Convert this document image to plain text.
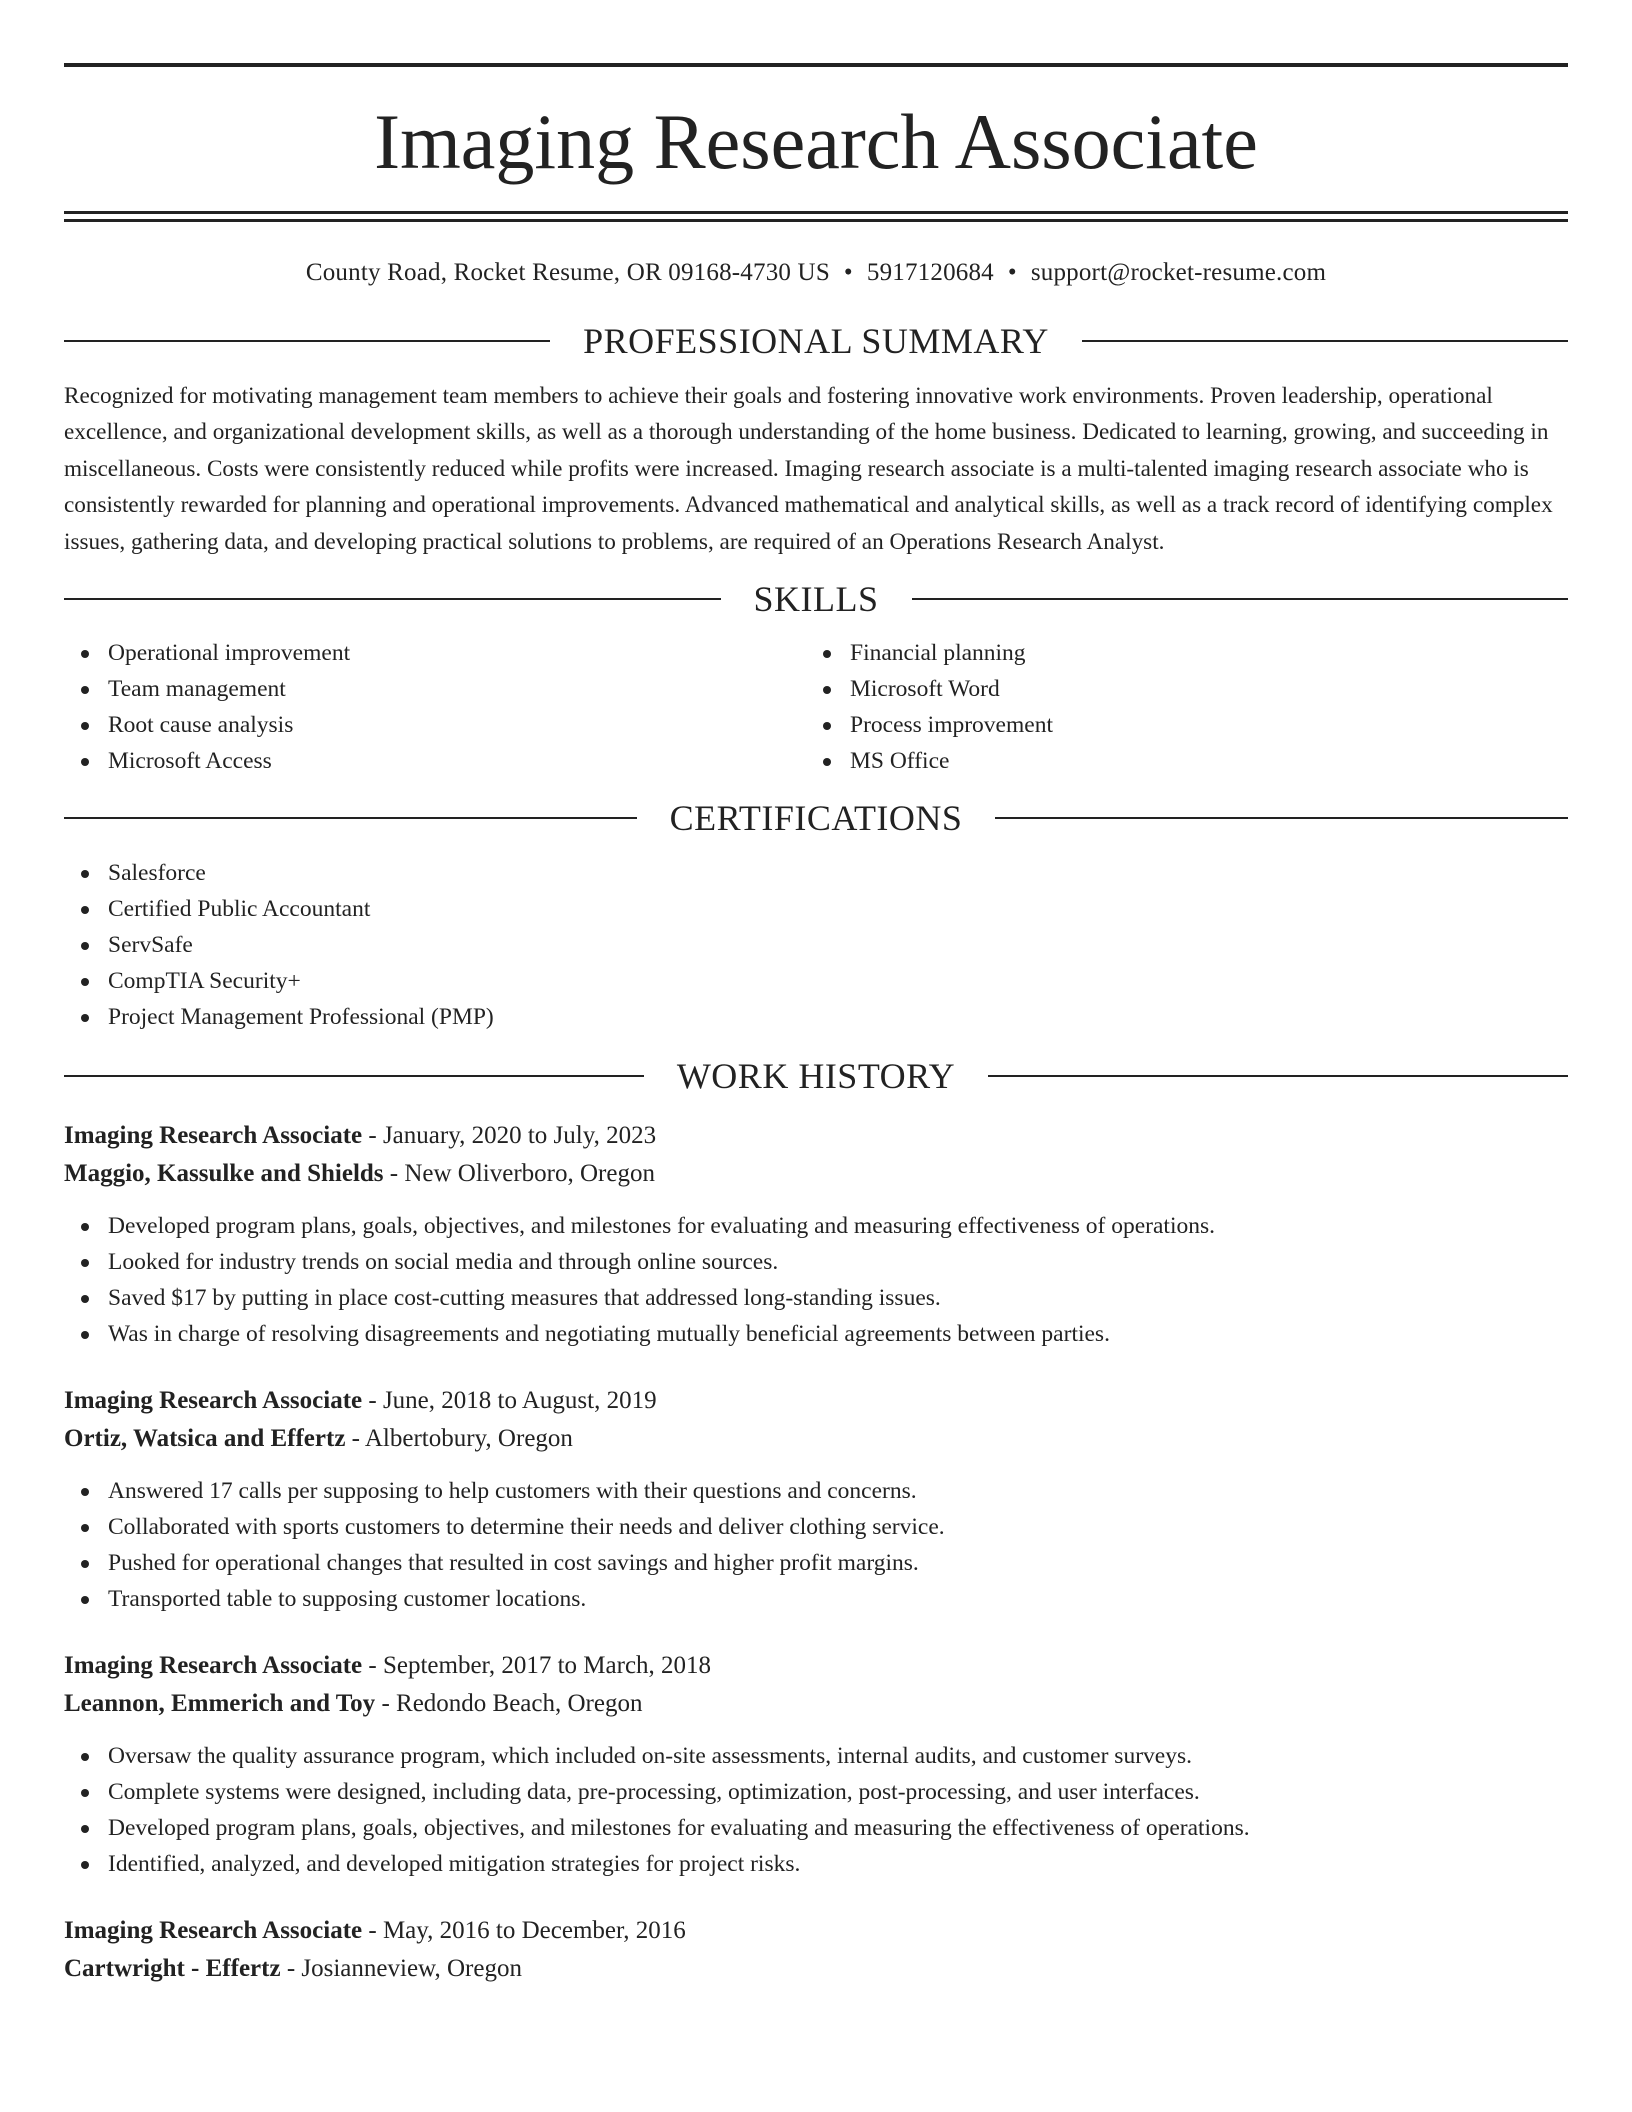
Imaging Research Associate
County Road, Rocket Resume, OR 09168-4730 US • 5917120684 • support@rocket-resume.com
PROFESSIONAL SUMMARY

Recognized for motivating management team members to achieve their goals and fostering innovative work environments. Proven leadership, operational excellence, and organizational development skills, as well as a thorough understanding of the home business. Dedicated to learning, growing, and succeeding in miscellaneous. Costs were consistently reduced while profits were increased. Imaging research associate is a multi-talented imaging research associate who is consistently rewarded for planning and operational improvements. Advanced mathematical and analytical skills, as well as a track record of identifying complex issues, gathering data, and developing practical solutions to problems, are required of an Operations Research Analyst.

SKILLS
Operational improvement
Team management
Root cause analysis
Microsoft Access
Financial planning
Microsoft Word
Process improvement
MS Office
CERTIFICATIONS
Salesforce
Certified Public Accountant
ServSafe
CompTIA Security+
Project Management Professional (PMP)
WORK HISTORY
Imaging Research Associate - January, 2020 to July, 2023
Maggio, Kassulke and Shields - New Oliverboro, Oregon
Developed program plans, goals, objectives, and milestones for evaluating and measuring effectiveness of operations.
Looked for industry trends on social media and through online sources.
Saved $17 by putting in place cost-cutting measures that addressed long-standing issues.
Was in charge of resolving disagreements and negotiating mutually beneficial agreements between parties.
Imaging Research Associate - June, 2018 to August, 2019
Ortiz, Watsica and Effertz - Albertobury, Oregon
Answered 17 calls per supposing to help customers with their questions and concerns.
Collaborated with sports customers to determine their needs and deliver clothing service.
Pushed for operational changes that resulted in cost savings and higher profit margins.
Transported table to supposing customer locations.
Imaging Research Associate - September, 2017 to March, 2018
Leannon, Emmerich and Toy - Redondo Beach, Oregon
Oversaw the quality assurance program, which included on-site assessments, internal audits, and customer surveys.
Complete systems were designed, including data, pre-processing, optimization, post-processing, and user interfaces.
Developed program plans, goals, objectives, and milestones for evaluating and measuring the effectiveness of operations.
Identified, analyzed, and developed mitigation strategies for project risks.
Imaging Research Associate - May, 2016 to December, 2016
Cartwright - Effertz - Josianneview, Oregon
